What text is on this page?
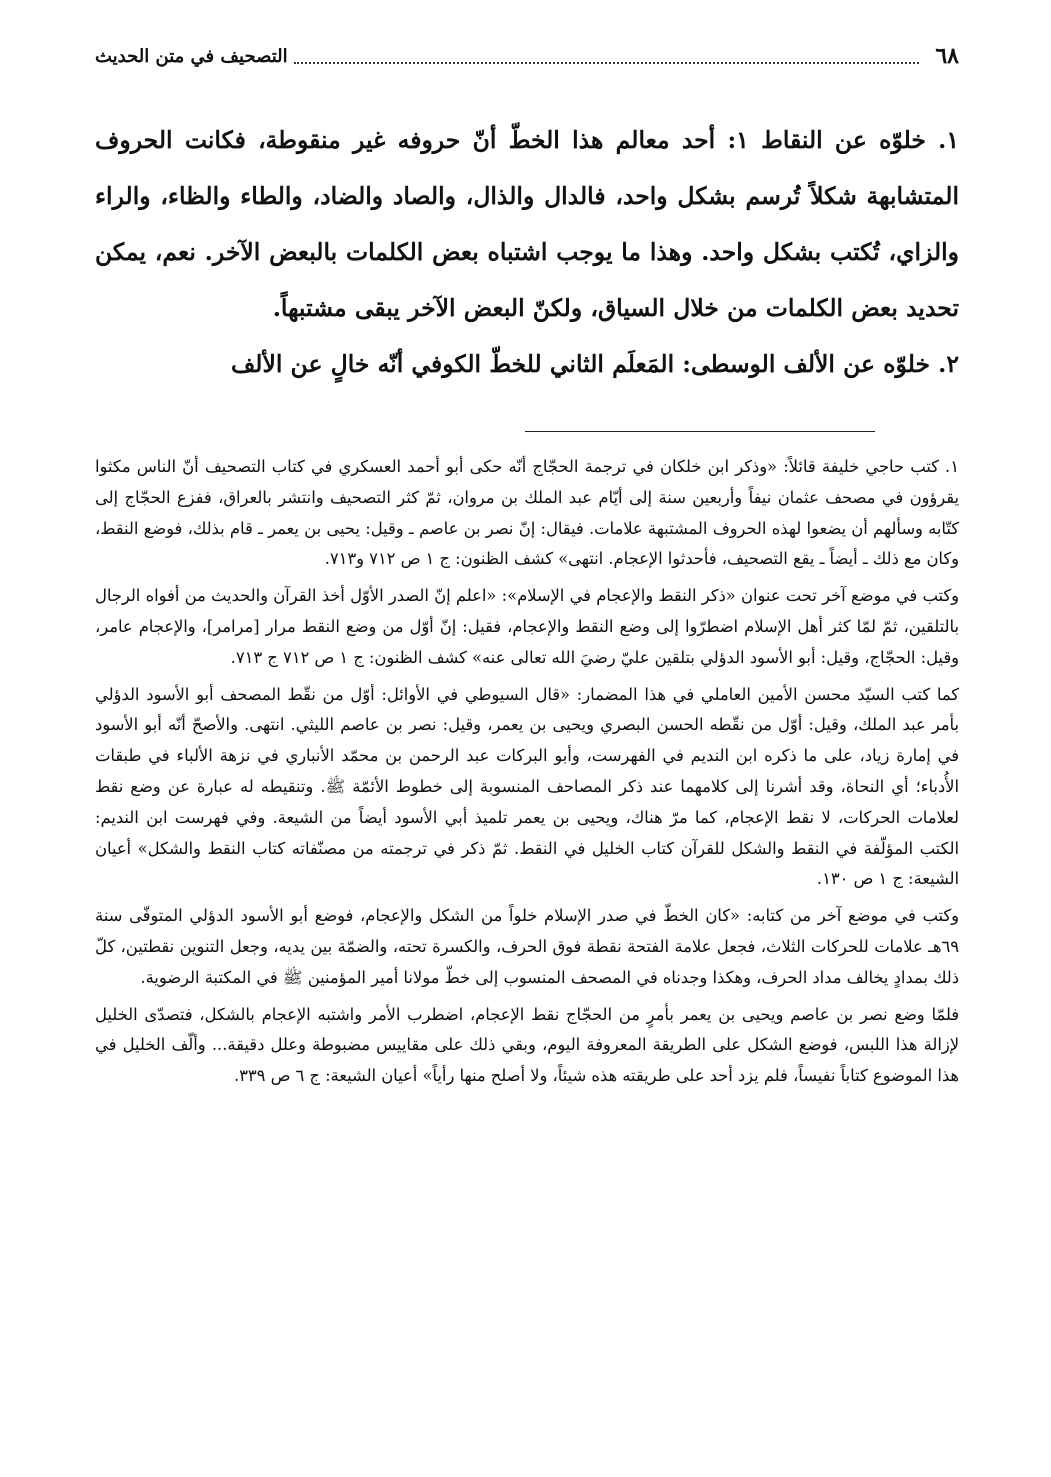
٦٨
التصحيف في متن الحديث

١. خلوّه عن النقاط ١: أحد معالم هذا الخطّ أنّ حروفه غير منقوطة، فكانت الحروف المتشابهة شكلاً تُرسم بشكل واحد، فالدال والذال، والصاد والضاد، والطاء والظاء، والراء والزاي، تُكتب بشكل واحد. وهذا ما يوجب اشتباه بعض الكلمات بالبعض الآخر. نعم، يمكن تحديد بعض الكلمات من خلال السياق، ولكنّ البعض الآخر يبقى مشتبهاً.

٢. خلوّه عن الألف الوسطى: المَعلَم الثاني للخطّ الكوفي أنّه خالٍ عن الألف

١. كتب حاجي خليفة قائلاً: «وذكر ابن خلكان في ترجمة الحجّاج أنّه حكى أبو أحمد العسكري في كتاب التصحيف أنّ الناس مكثوا يقرؤون في مصحف عثمان نيفاً وأربعين سنة إلى أيّام عبد الملك بن مروان، ثمّ كثر التصحيف وانتشر بالعراق، ففزع الحجّاج إلى كتّابه وسألهم أن يضعوا لهذه الحروف المشتبهة علامات. فيقال: إنّ نصر بن عاصم ـ وقيل: يحيى بن يعمر ـ قام بذلك، فوضع النقط، وكان مع ذلك ـ أيضاً ـ يقع التصحيف، فأحدثوا الإعجام. انتهى» كشف الظنون: ج ١ ص ٧١٢ و٧١٣.

وكتب في موضع آخر تحت عنوان «ذكر النقط والإعجام في الإسلام»: «اعلم إنّ الصدر الأوّل أخذ القرآن والحديث من أفواه الرجال بالتلقين، ثمّ لمّا كثر أهل الإسلام اضطرّوا إلى وضع النقط والإعجام، فقيل: إنّ أوّل من وضع النقط مرار [مرامر]، والإعجام عامر، وقيل: الحجّاج، وقيل: أبو الأسود الدؤلي بتلقين عليّ رضيَ الله تعالى عنه» كشف الظنون: ج ١ ص ٧١٢ ج ٧١٣.

كما كتب السيّد محسن الأمين العاملي في هذا المضمار: «قال السيوطي في الأوائل: أوّل من نقّط المصحف أبو الأسود الدؤلي بأمر عبد الملك، وقيل: أوّل من نقّطه الحسن البصري ويحيى بن يعمر، وقيل: نصر بن عاصم الليثي. انتهى. والأصحّ أنّه أبو الأسود في إمارة زياد، على ما ذكره ابن النديم في الفهرست، وأبو البركات عبد الرحمن بن محمّد الأنباري في نزهة الألباء في طبقات الأُدباء؛ أي النحاة، وقد أشرنا إلى كلامهما عند ذكر المصاحف المنسوبة إلى خطوط الأئمّة ﷺ. وتنقيطه له عبارة عن وضع نقط لعلامات الحركات، لا نقط الإعجام، كما مرّ هناك، ويحيى بن يعمر تلميذ أبي الأسود أيضاً من الشيعة. وفي فهرست ابن النديم: الكتب المؤلّفة في النقط والشكل للقرآن كتاب الخليل في النقط. ثمّ ذكر في ترجمته من مصنّفاته كتاب النقط والشكل» أعيان الشيعة: ج ١ ص ١٣٠.

وكتب في موضع آخر من كتابه: «كان الخطّ في صدر الإسلام خلواً من الشكل والإعجام، فوضع أبو الأسود الدؤلي المتوفّى سنة ٦٩هـ علامات للحركات الثلاث، فجعل علامة الفتحة نقطة فوق الحرف، والكسرة تحته، والضمّة بين يديه، وجعل التنوين نقطتين، كلّ ذلك بمدادٍ يخالف مداد الحرف، وهكذا وجدناه في المصحف المنسوب إلى خطّ مولانا أمير المؤمنين ﷺ في المكتبة الرضوية.

فلمّا وضع نصر بن عاصم ويحيى بن يعمر بأمرٍ من الحجّاج نقط الإعجام، اضطرب الأمر واشتبه الإعجام بالشكل، فتصدّى الخليل لإزالة هذا اللبس، فوضع الشكل على الطريقة المعروفة اليوم، وبقي ذلك على مقاييس مضبوطة وعلل دقيقة... وألّف الخليل في هذا الموضوع كتاباً نفيساً، فلم يزد أحد على طريقته هذه شيئاً، ولا أصلح منها رأياً» أعيان الشيعة: ج ٦ ص ٣٣٩.
